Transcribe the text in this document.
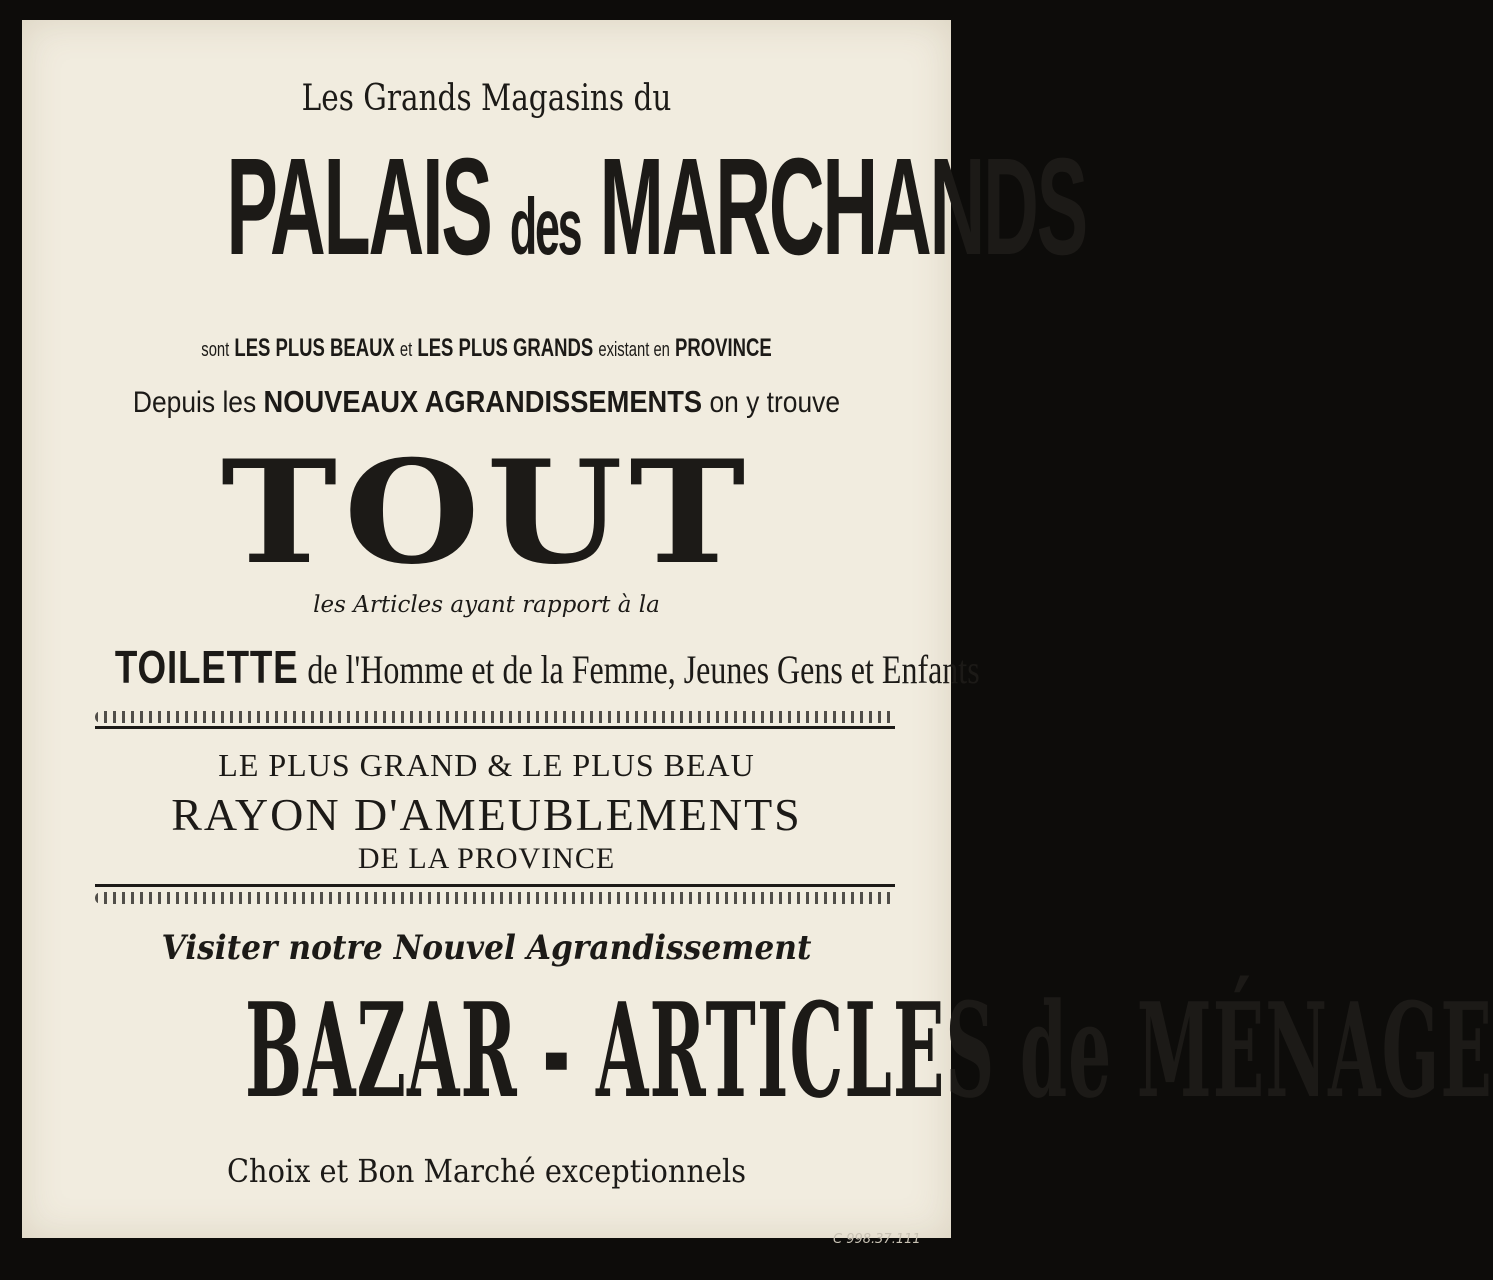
Les Grands Magasins du
PALAIS des MARCHANDS
sont LES PLUS BEAUX et LES PLUS GRANDS existant en PROVINCE
Depuis les NOUVEAUX AGRANDISSEMENTS on y trouve
TOUT
les Articles ayant rapport à la
TOILETTE de l'Homme et de la Femme, Jeunes Gens et Enfants
LE PLUS GRAND & LE PLUS BEAU
RAYON D'AMEUBLEMENTS
DE LA PROVINCE
Visiter notre Nouvel Agrandissement
BAZAR - ARTICLES de MÉNAGE
Choix et Bon Marché exceptionnels
C 998.37.111
